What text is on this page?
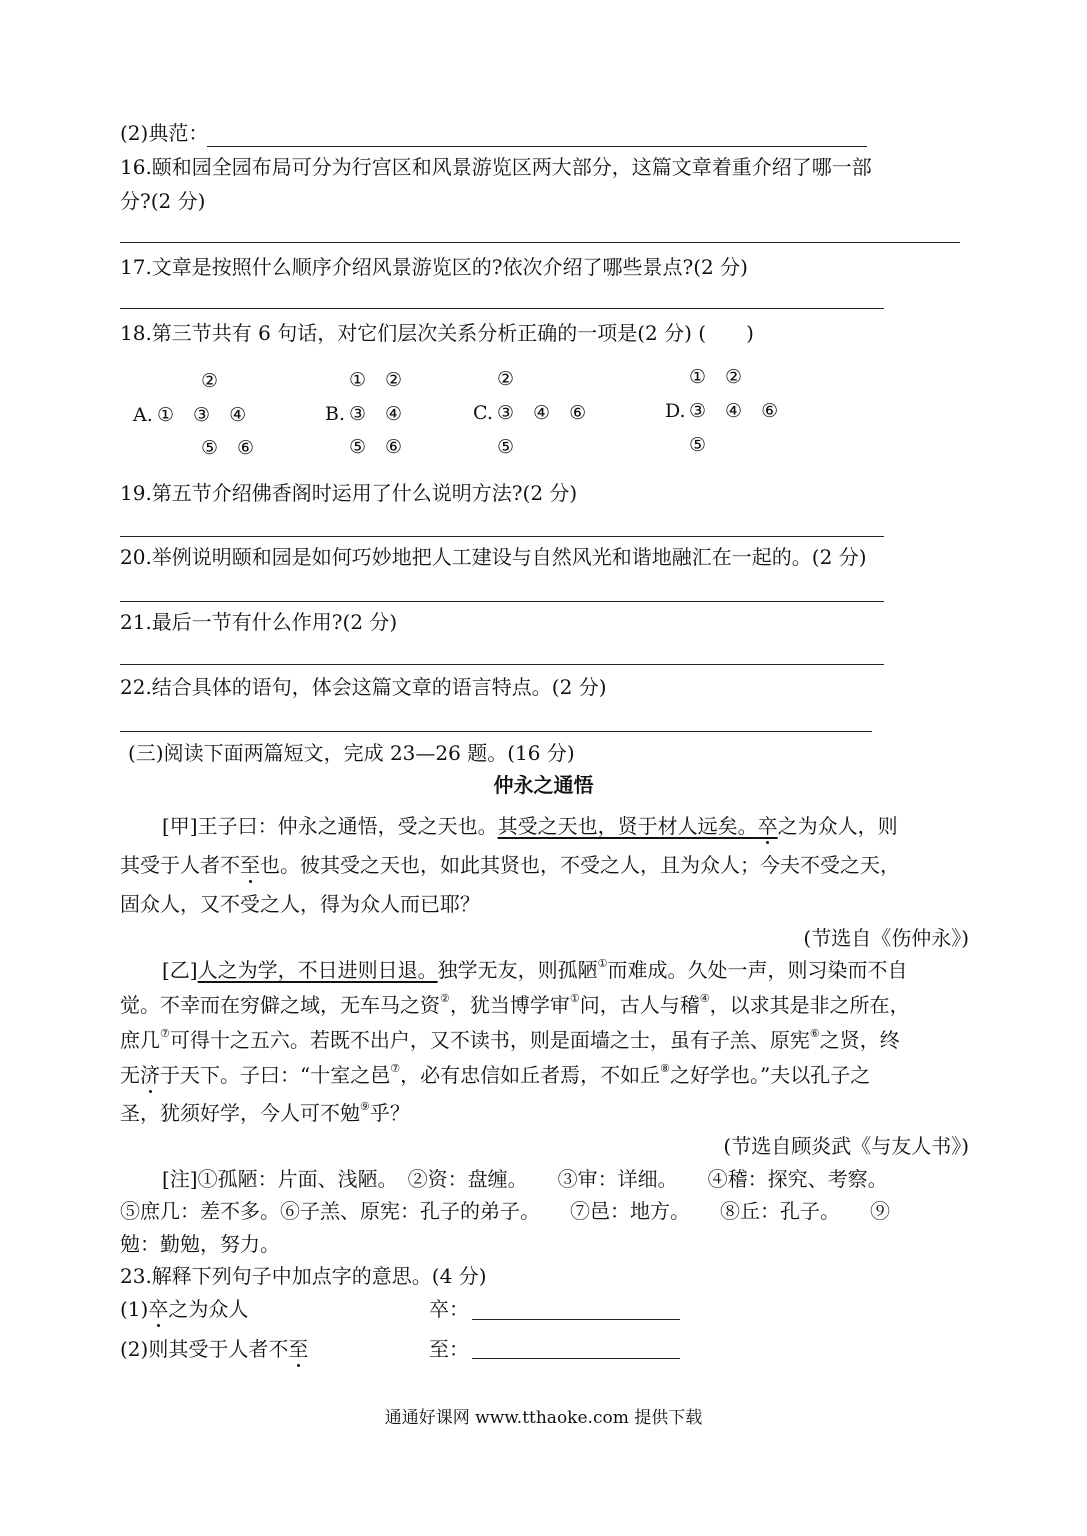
(2)典范：
16.颐和园全园布局可分为行宫区和风景游览区两大部分，这篇文章着重介绍了哪一部
分?(2 分)
17.文章是按照什么顺序介绍风景游览区的?依次介绍了哪些景点?(2 分)
18.第三节共有 6 句话，对它们层次关系分析正确的一项是(2 分) (　　)
②
A. ①　③　④
⑤　⑥
①　②
B. ③　④
⑤　⑥
②
C. ③　④　⑥
⑤
①　②
D. ③　④　⑥
⑤
19.第五节介绍佛香阁时运用了什么说明方法?(2 分)
20.举例说明颐和园是如何巧妙地把人工建设与自然风光和谐地融汇在一起的。(2 分)
21.最后一节有什么作用?(2 分)
22.结合具体的语句，体会这篇文章的语言特点。(2 分)
(三)阅读下面两篇短文，完成 23—26 题。(16 分)
仲永之通悟
[甲]王子曰：仲永之通悟，受之天也。其受之天也，贤于材人远矣。卒之为众人，则
其受于人者不至也。彼其受之天也，如此其贤也，不受之人，且为众人；今夫不受之天，
固众人，又不受之人，得为众人而已耶？
(节选自《伤仲永》)
[乙]人之为学，不日进则日退。独学无友，则孤陋①而难成。久处一声，则习染而不自
觉。不幸而在穷僻之域，无车马之资②，犹当博学审①问，古人与稽④，以求其是非之所在，
庶几⑦可得十之五六。若既不出户，又不读书，则是面墙之士，虽有子羔、原宪⑥之贤，终
无济于天下。子曰：“十室之邑⑦，必有忠信如丘者焉，不如丘⑧之好学也。”夫以孔子之
圣，犹须好学，今人可不勉⑨乎？
(节选自顾炎武《与友人书》)
[注]①孤陋：片面、浅陋。　②资：盘缠。　　③审：详细。　　④稽：探究、考察。
⑤庶几：差不多。⑥子羔、原宪：孔子的弟子。　　⑦邑：地方。　　⑧丘：孔子。　　⑨
勉：勤勉，努力。
23.解释下列句子中加点字的意思。(4 分)
(1)卒之为众人	卒：
(2)则其受于人者不至	至：
通通好课网 www.tthaoke.com 提供下载
